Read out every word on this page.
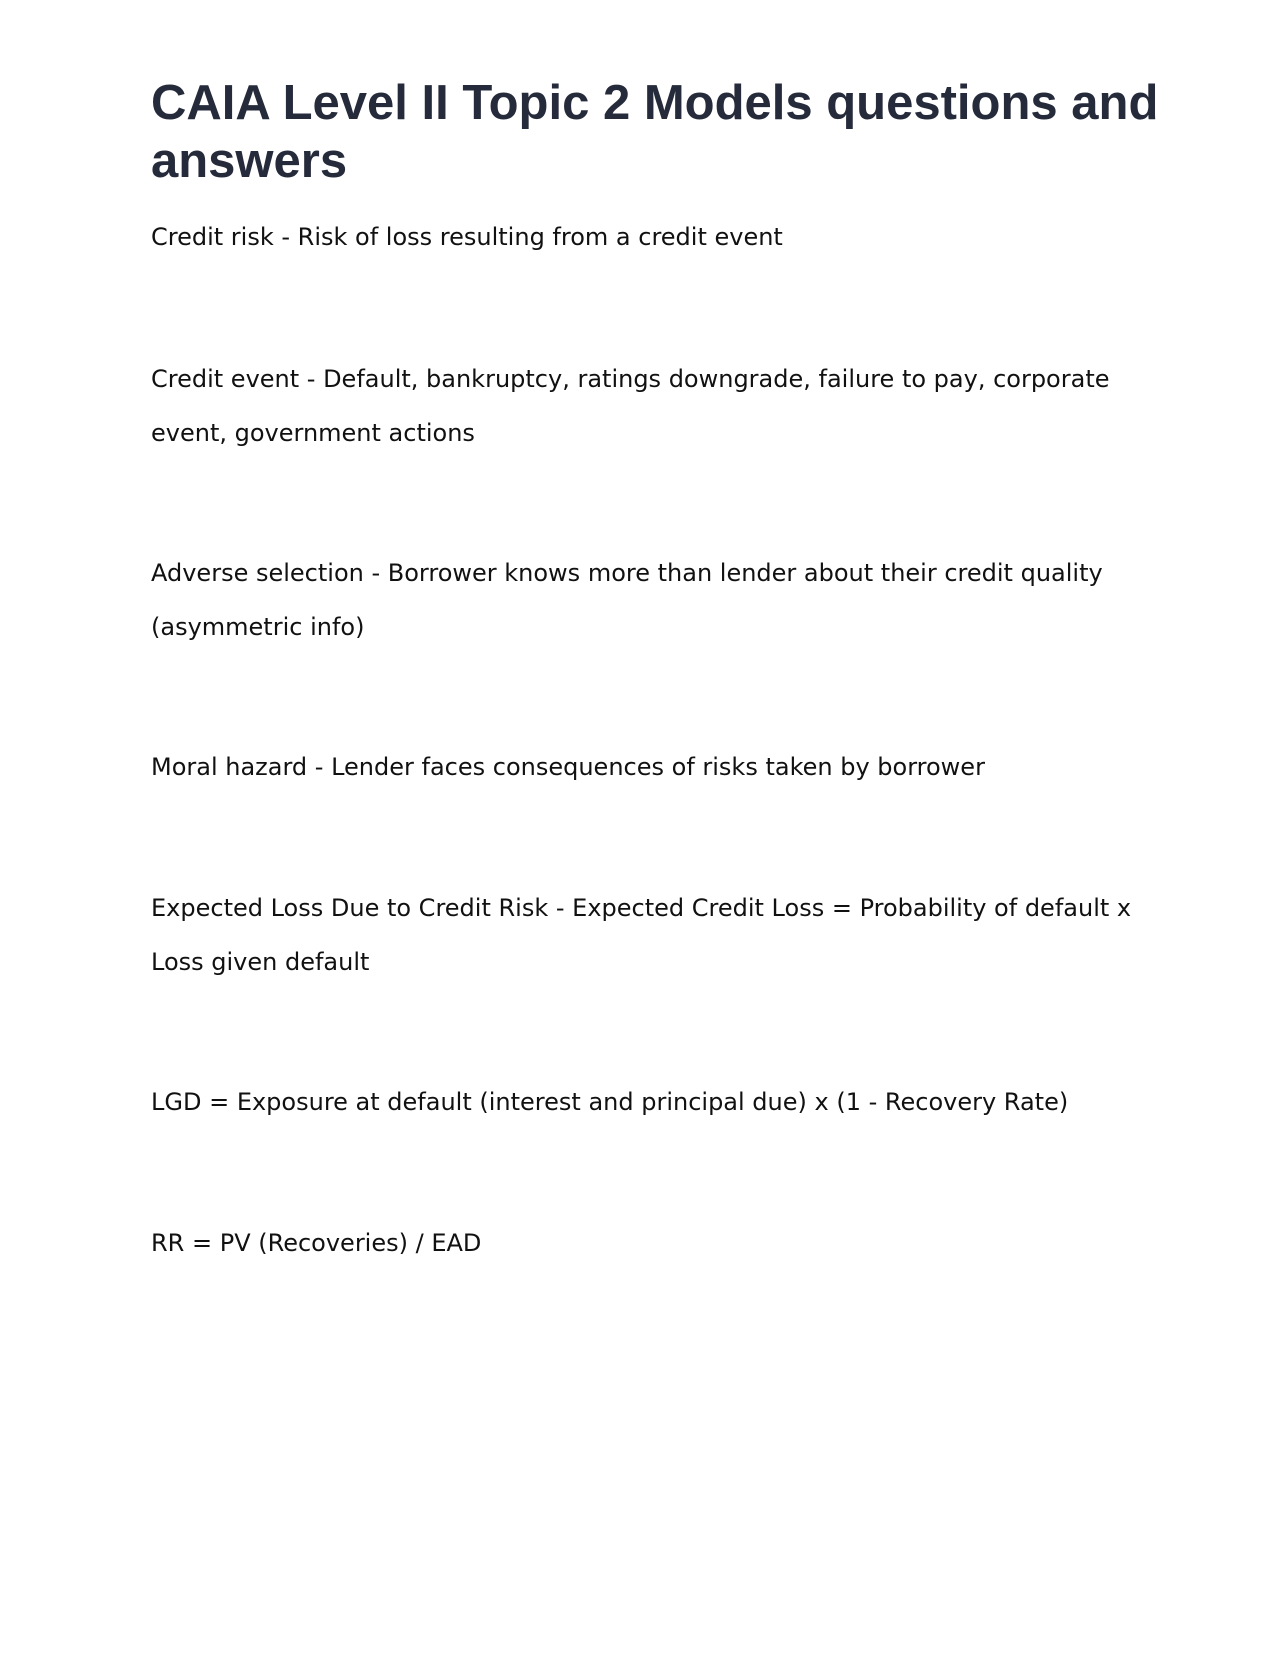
CAIA Level II Topic 2 Models questions and answers

Credit risk - Risk of loss resulting from a credit event

Credit event - Default, bankruptcy, ratings downgrade, failure to pay, corporate event, government actions

Adverse selection - Borrower knows more than lender about their credit quality (asymmetric info)

Moral hazard - Lender faces consequences of risks taken by borrower

Expected Loss Due to Credit Risk - Expected Credit Loss = Probability of default x Loss given default

LGD = Exposure at default (interest and principal due) x (1 - Recovery Rate)

RR = PV (Recoveries) / EAD
